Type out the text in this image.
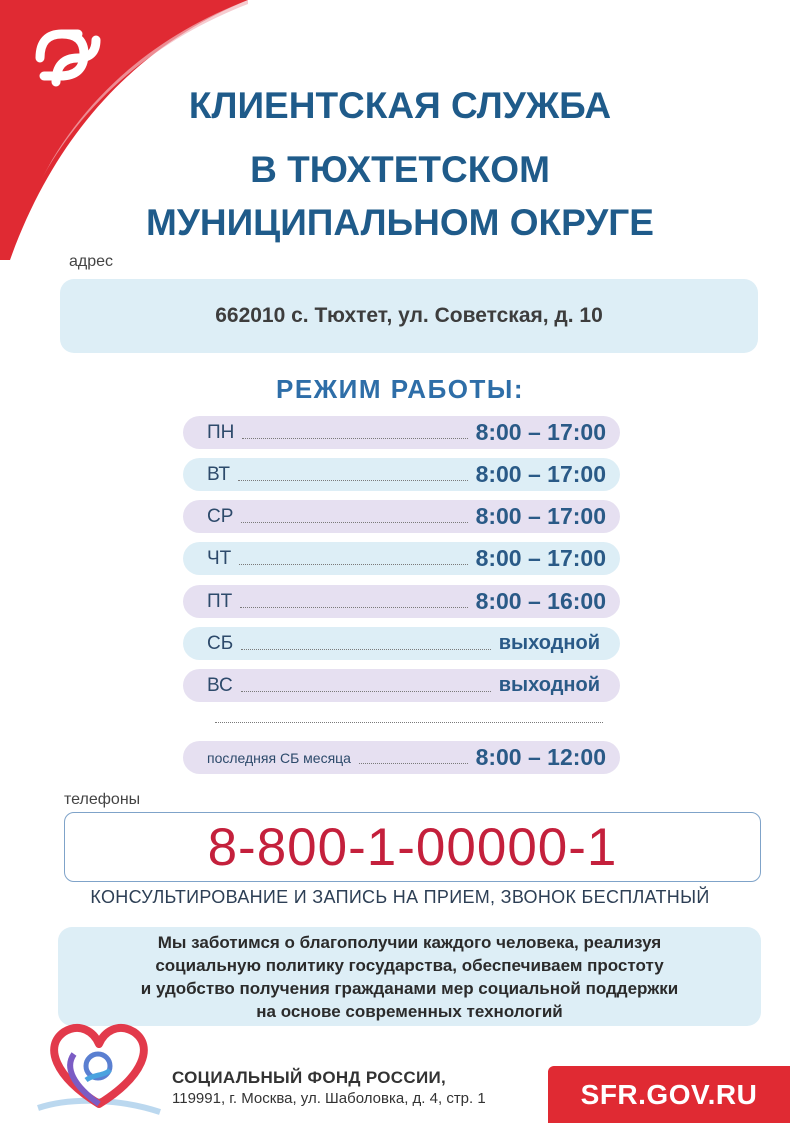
КЛИЕНТСКАЯ СЛУЖБА
В ТЮХТЕТСКОМ
МУНИЦИПАЛЬНОМ ОКРУГЕ
адрес
662010 с. Тюхтет, ул. Советская, д. 10
РЕЖИМ РАБОТЫ:
ПН	8:00 – 17:00
ВТ	8:00 – 17:00
СР	8:00 – 17:00
ЧТ	8:00 – 17:00
ПТ	8:00 – 16:00
СБ	выходной
ВС	выходной
последняя СБ месяца	8:00 – 12:00
телефоны
8-800-1-00000-1
КОНСУЛЬТИРОВАНИЕ И ЗАПИСЬ НА ПРИЕМ, ЗВОНОК БЕСПЛАТНЫЙ
Мы заботимся о благополучии каждого человека, реализуя
социальную политику государства, обеспечиваем простоту
и удобство получения гражданами мер социальной поддержки
на основе современных технологий
СОЦИАЛЬНЫЙ ФОНД РОССИИ,
119991, г. Москва, ул. Шаболовка, д. 4, стр. 1	SFR.GOV.RU
